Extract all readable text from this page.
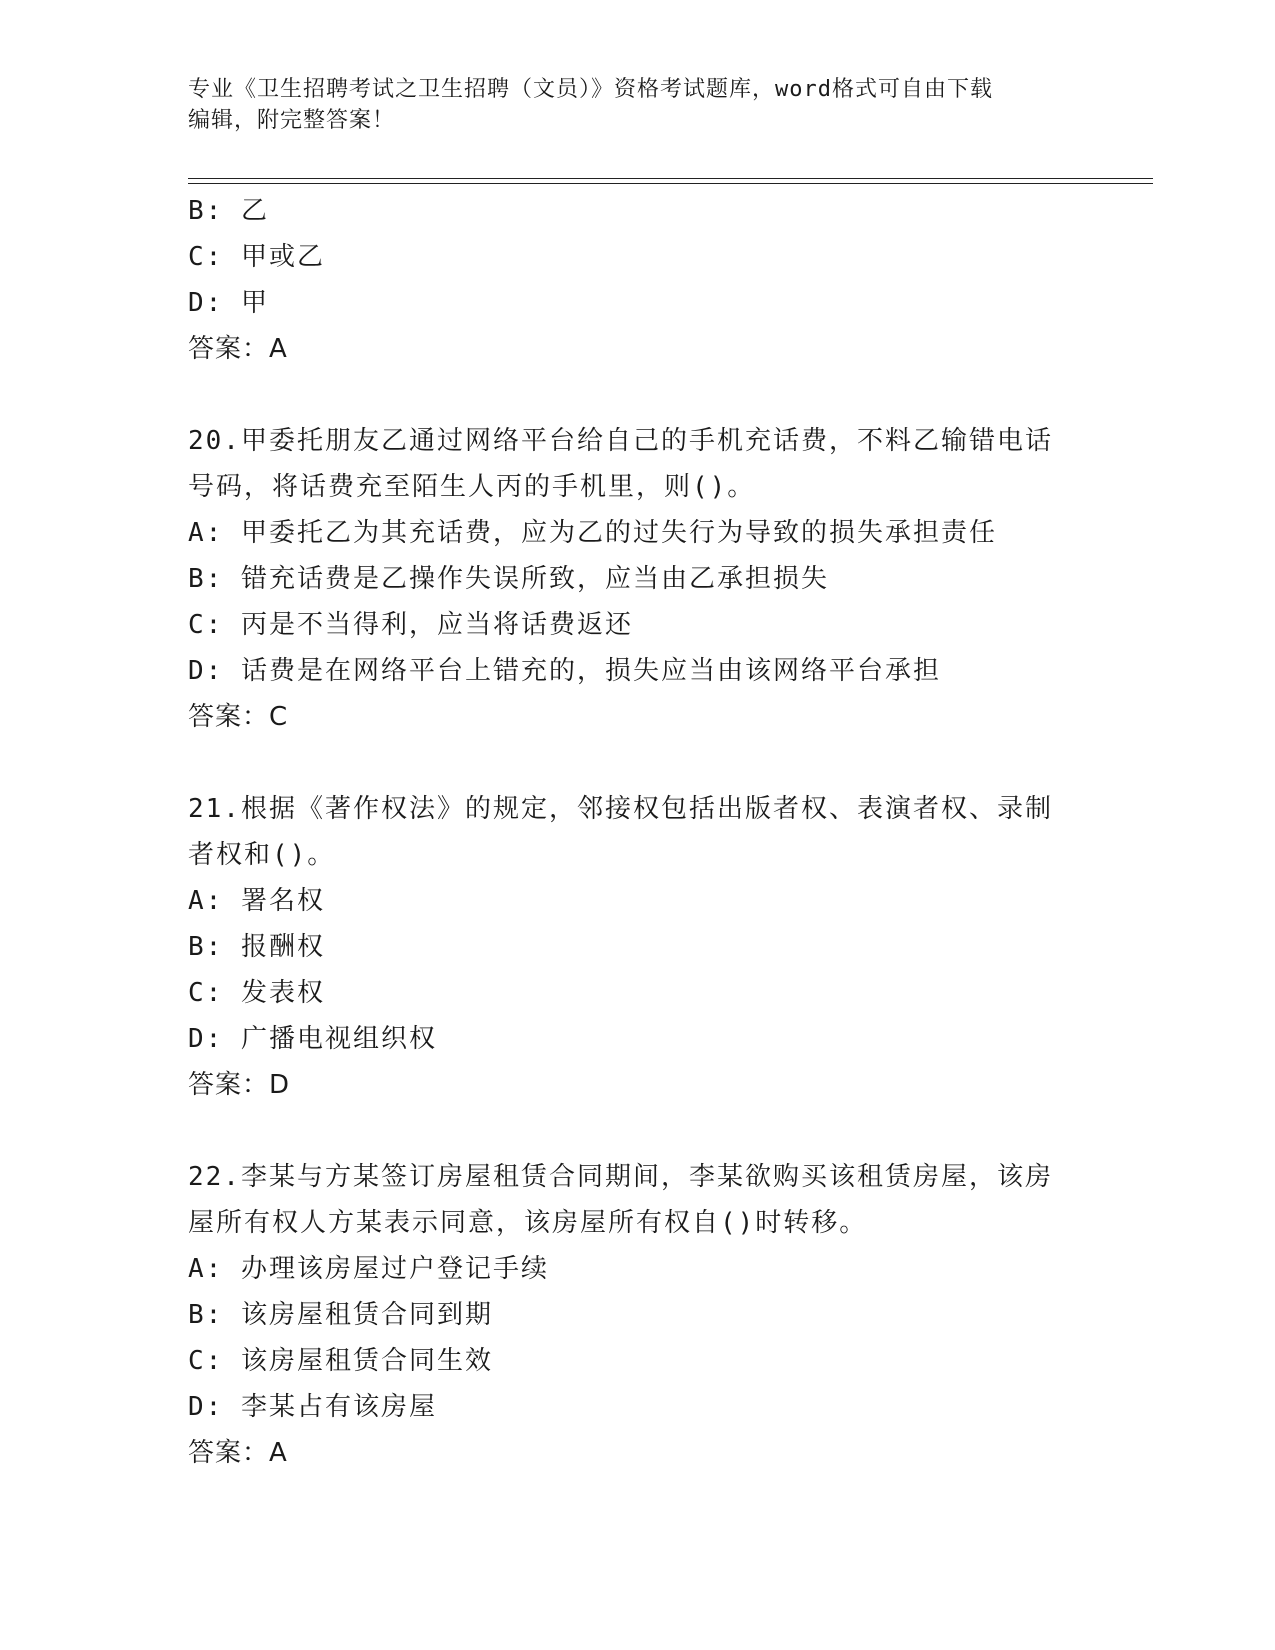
专业《卫生招聘考试之卫生招聘（文员）》资格考试题库，word格式可自由下载
编辑，附完整答案！
B: 乙
C: 甲或乙
D: 甲
答案：A
20.甲委托朋友乙通过网络平台给自己的手机充话费，不料乙输错电话
号码，将话费充至陌生人丙的手机里，则()。
A: 甲委托乙为其充话费，应为乙的过失行为导致的损失承担责任
B: 错充话费是乙操作失误所致，应当由乙承担损失
C: 丙是不当得利，应当将话费返还
D: 话费是在网络平台上错充的，损失应当由该网络平台承担
答案：C
21.根据《著作权法》的规定，邻接权包括出版者权、表演者权、录制
者权和()。
A: 署名权
B: 报酬权
C: 发表权
D: 广播电视组织权
答案：D
22.李某与方某签订房屋租赁合同期间，李某欲购买该租赁房屋，该房
屋所有权人方某表示同意，该房屋所有权自()时转移。
A: 办理该房屋过户登记手续
B: 该房屋租赁合同到期
C: 该房屋租赁合同生效
D: 李某占有该房屋
答案：A
